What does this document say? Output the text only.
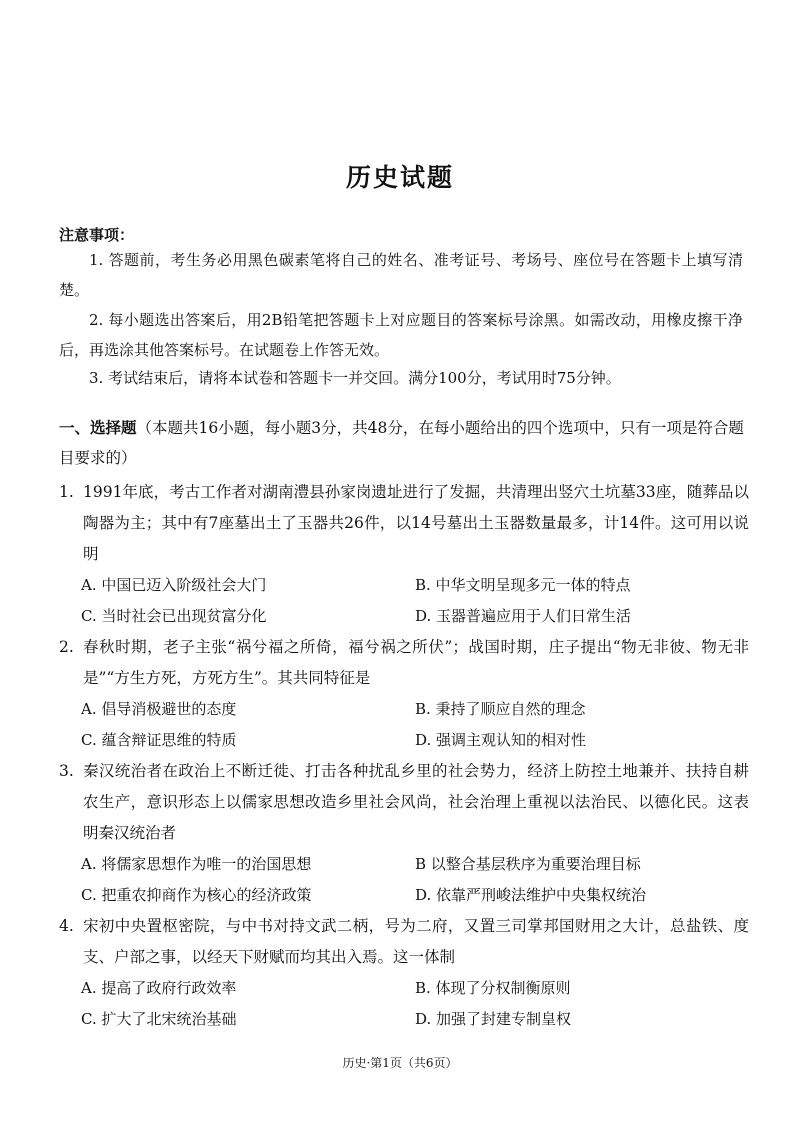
历史试题
注意事项：
1. 答题前，考生务必用黑色碳素笔将自己的姓名、准考证号、考场号、座位号在答题卡上填写清楚。
2. 每小题选出答案后，用2B铅笔把答题卡上对应题目的答案标号涂黑。如需改动，用橡皮擦干净后，再选涂其他答案标号。在试题卷上作答无效。
3. 考试结束后，请将本试卷和答题卡一并交回。满分100分，考试用时75分钟。
一、选择题（本题共16小题，每小题3分，共48分，在每小题给出的四个选项中，只有一项是符合题目要求的）
1. 1991年底，考古工作者对湖南澧县孙家岗遗址进行了发掘，共清理出竖穴土坑墓33座，随葬品以陶器为主；其中有7座墓出土了玉器共26件，以14号墓出土玉器数量最多，计14件。这可用以说明
A. 中国已迈入阶级社会大门	B. 中华文明呈现多元一体的特点
C. 当时社会已出现贫富分化	D. 玉器普遍应用于人们日常生活
2. 春秋时期，老子主张“祸兮福之所倚，福兮祸之所伏”；战国时期，庄子提出“物无非彼、物无非是”“方生方死，方死方生”。其共同特征是
A. 倡导消极避世的态度	B. 秉持了顺应自然的理念
C. 蕴含辩证思维的特质	D. 强调主观认知的相对性
3. 秦汉统治者在政治上不断迁徙、打击各种扰乱乡里的社会势力，经济上防控土地兼并、扶持自耕农生产，意识形态上以儒家思想改造乡里社会风尚，社会治理上重视以法治民、以德化民。这表明秦汉统治者
A. 将儒家思想作为唯一的治国思想	B 以整合基层秩序为重要治理目标
C. 把重农抑商作为核心的经济政策	D. 依靠严刑峻法维护中央集权统治
4. 宋初中央置枢密院，与中书对持文武二柄，号为二府，又置三司掌邦国财用之大计，总盐铁、度支、户部之事，以经天下财赋而均其出入焉。这一体制
A. 提高了政府行政效率	B. 体现了分权制衡原则
C. 扩大了北宋统治基础	D. 加强了封建专制皇权
历史·第1页（共6页）
